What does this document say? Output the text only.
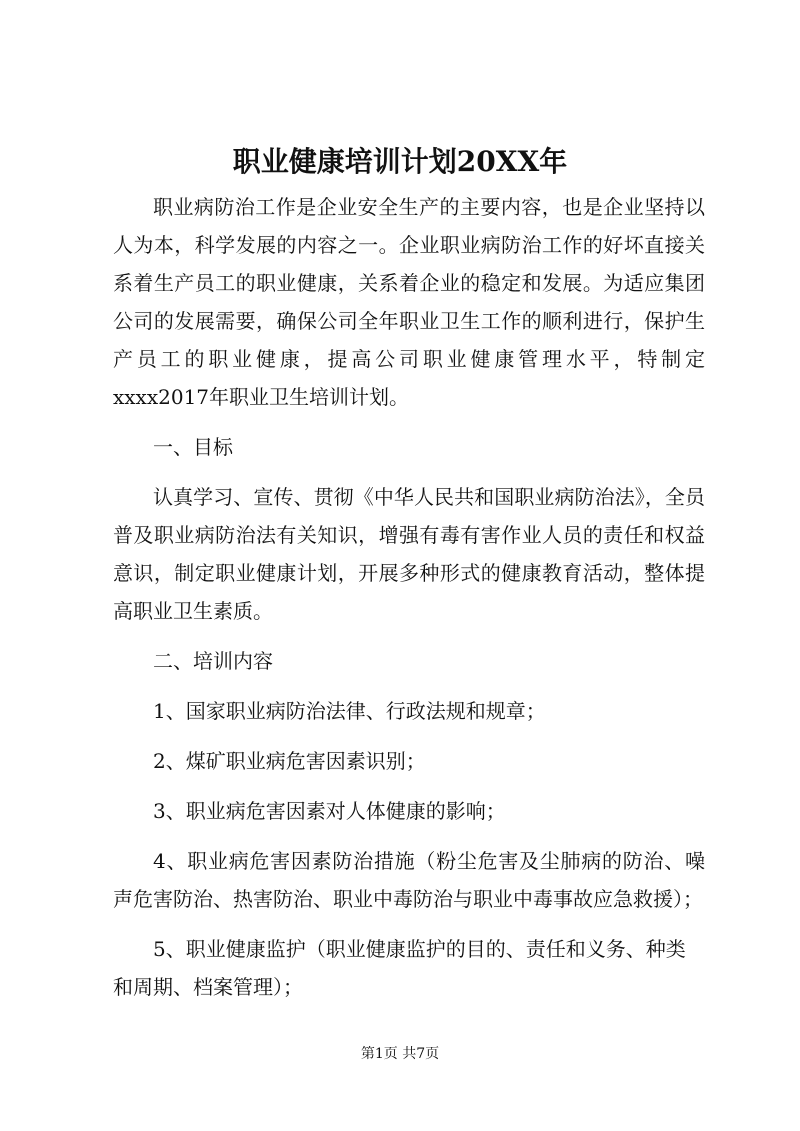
职业健康培训计划20XX年

职业病防治工作是企业安全生产的主要内容，也是企业坚持以人为本，科学发展的内容之一。企业职业病防治工作的好坏直接关系着生产员工的职业健康，关系着企业的稳定和发展。为适应集团公司的发展需要，确保公司全年职业卫生工作的顺利进行，保护生产员工的职业健康，提高公司职业健康管理水平，特制定xxxx2017年职业卫生培训计划。

一、目标

认真学习、宣传、贯彻《中华人民共和国职业病防治法》，全员普及职业病防治法有关知识，增强有毒有害作业人员的责任和权益意识，制定职业健康计划，开展多种形式的健康教育活动，整体提高职业卫生素质。

二、培训内容

1、国家职业病防治法律、行政法规和规章；

2、煤矿职业病危害因素识别；

3、职业病危害因素对人体健康的影响；

4、职业病危害因素防治措施（粉尘危害及尘肺病的防治、噪声危害防治、热害防治、职业中毒防治与职业中毒事故应急救援）；

5、职业健康监护（职业健康监护的目的、责任和义务、种类和周期、档案管理）；

第1页 共7页
